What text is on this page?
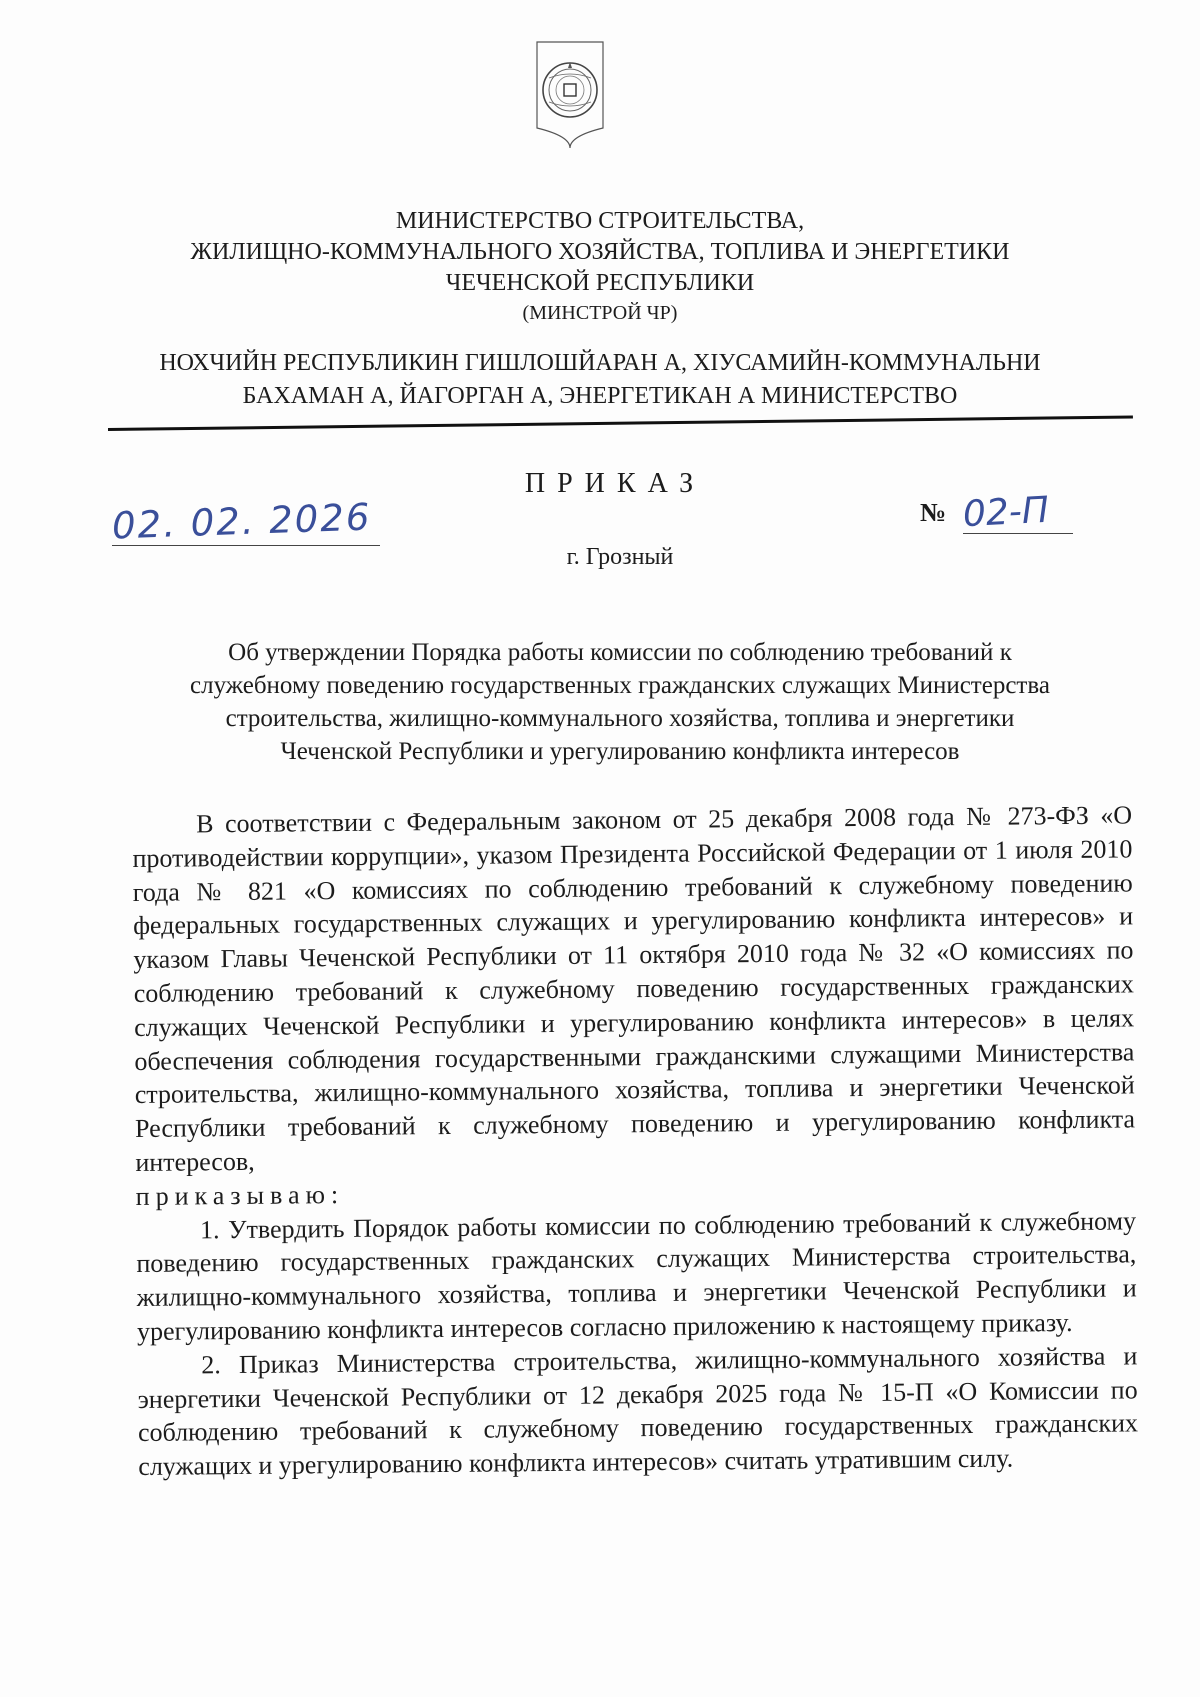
МИНИСТЕРСТВО СТРОИТЕЛЬСТВА,

ЖИЛИЩНО-КОММУНАЛЬНОГО ХОЗЯЙСТВА, ТОПЛИВА И ЭНЕРГЕТИКИ

ЧЕЧЕНСКОЙ РЕСПУБЛИКИ

(МИНСТРОЙ ЧР)

НОХЧИЙН РЕСПУБЛИКИН ГИШЛОШЙАРАН А, ХIУСАМИЙН-КОММУНАЛЬНИ

БАХАМАН А, ЙАГОРГАН А, ЭНЕРГЕТИКАН А МИНИСТЕРСТВО

ПРИКАЗ
02. 02. 2026	№ 02-П
г. Грозный
Об утверждении Порядка работы комиссии по соблюдению требований к
служебному поведению государственных гражданских служащих Министерства
строительства, жилищно-коммунального хозяйства, топлива и энергетики
Чеченской Республики и урегулированию конфликта интересов

В соответствии с Федеральным законом от 25 декабря 2008 года № 273-ФЗ «О противодействии коррупции», указом Президента Российской Федерации от 1 июля 2010 года № 821 «О комиссиях по соблюдению требований к служебному поведению федеральных государственных служащих и урегулированию конфликта интересов» и указом Главы Чеченской Республики от 11 октября 2010 года № 32 «О комиссиях по соблюдению требований к служебному поведению государственных гражданских служащих Чеченской Республики и урегулированию конфликта интересов» в целях обеспечения соблюдения государственными гражданскими служащими Министерства строительства, жилищно-коммунального хозяйства, топлива и энергетики Чеченской Республики требований к служебному поведению и урегулированию конфликта интересов,

приказываю:

1. Утвердить Порядок работы комиссии по соблюдению требований к служебному поведению государственных гражданских служащих Министерства строительства, жилищно-коммунального хозяйства, топлива и энергетики Чеченской Республики и урегулированию конфликта интересов согласно приложению к настоящему приказу.

2. Приказ Министерства строительства, жилищно-коммунального хозяйства и энергетики Чеченской Республики от 12 декабря 2025 года № 15-П «О Комиссии по соблюдению требований к служебному поведению государственных гражданских служащих и урегулированию конфликта интересов» считать утратившим силу.
